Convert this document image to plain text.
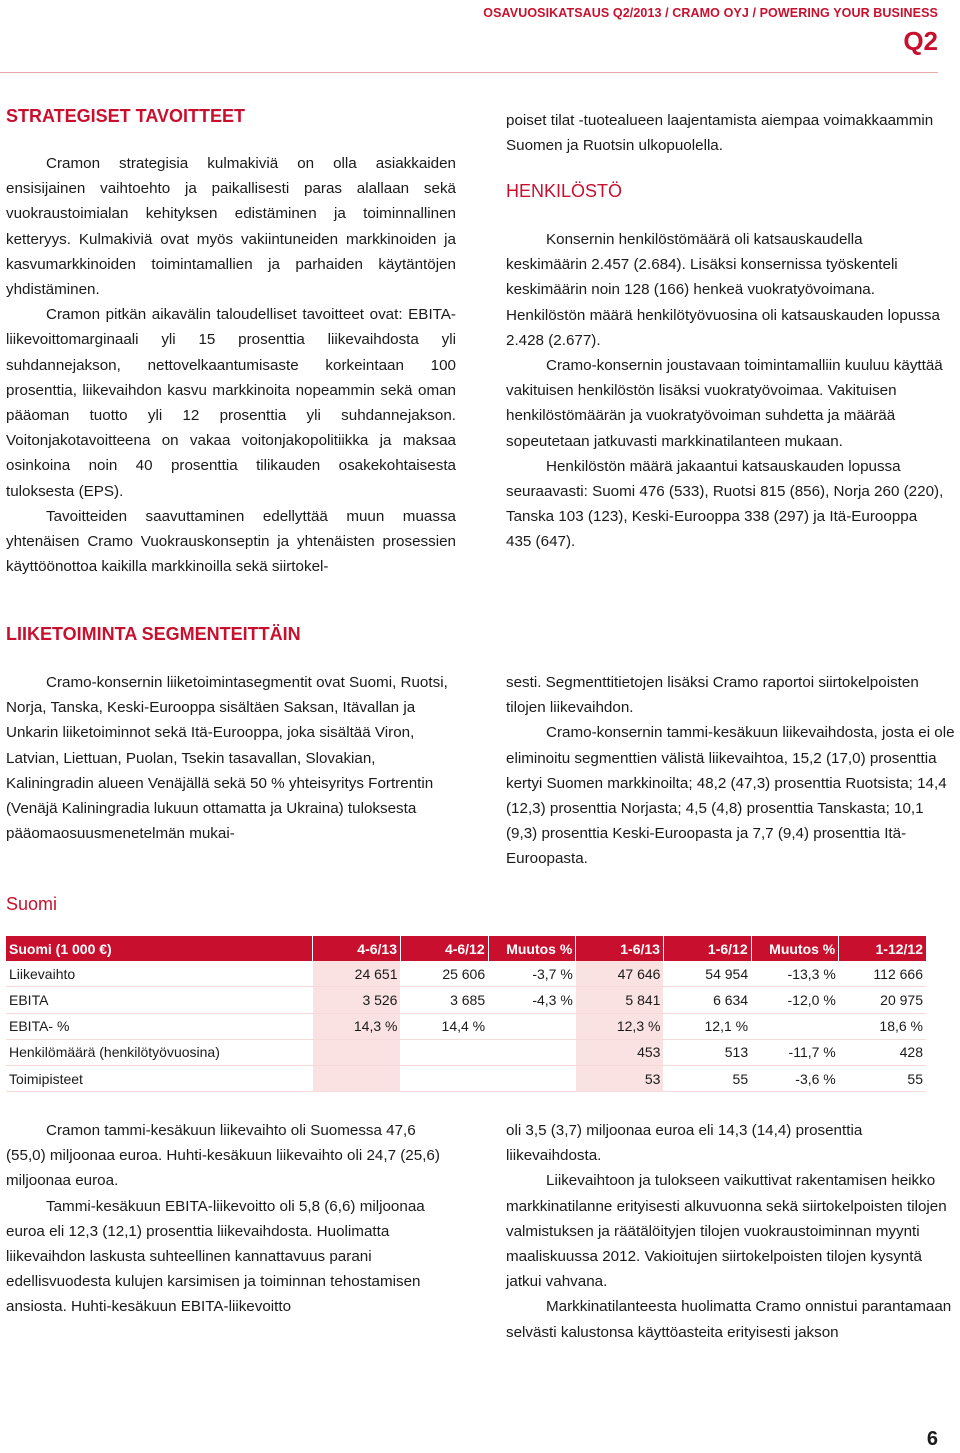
OSAVUOSIKATSAUS Q2/2013 / CRAMO OYJ / POWERING YOUR BUSINESS
Q2
STRATEGISET TAVOITTEET

Cramon strategisia kulmakiviä on olla asiakkaiden ensisijainen vaihtoehto ja paikallisesti paras alallaan sekä vuokraustoimialan kehityksen edistäminen ja toiminnallinen ketteryys. Kulmakiviä ovat myös vakiintuneiden markkinoiden ja kasvumarkkinoiden toimintamallien ja parhaiden käytäntöjen yhdistäminen.

Cramon pitkän aikavälin taloudelliset tavoitteet ovat: EBITA-liikevoittomarginaali yli 15 prosenttia liikevaihdosta yli suhdannejakson, nettovelkaantumisaste korkeintaan 100 prosenttia, liikevaihdon kasvu markkinoita nopeammin sekä oman pääoman tuotto yli 12 prosenttia yli suhdannejakson. Voitonjakotavoitteena on vakaa voitonjakopolitiikka ja maksaa osinkoina noin 40 prosenttia tilikauden osakekohtaisesta tuloksesta (EPS).

Tavoitteiden saavuttaminen edellyttää muun muassa yhtenäisen Cramo Vuokrauskonseptin ja yhtenäisten prosessien käyttöönottoa kaikilla markkinoilla sekä siirtokel-

poiset tilat -tuotealueen laajentamista aiempaa voimakkaammin Suomen ja Ruotsin ulkopuolella.

HENKILÖSTÖ

Konsernin henkilöstömäärä oli katsauskaudella keskimäärin 2.457 (2.684). Lisäksi konsernissa työskenteli keskimäärin noin 128 (166) henkeä vuokratyövoimana. Henkilöstön määrä henkilötyövuosina oli katsauskauden lopussa 2.428 (2.677).

Cramo-konsernin joustavaan toimintamalliin kuuluu käyttää vakituisen henkilöstön lisäksi vuokratyövoimaa. Vakituisen henkilöstömäärän ja vuokratyövoiman suhdetta ja määrää sopeutetaan jatkuvasti markkinatilanteen mukaan.

Henkilöstön määrä jakaantui katsauskauden lopussa seuraavasti: Suomi 476 (533), Ruotsi 815 (856), Norja 260 (220), Tanska 103 (123), Keski-Eurooppa 338 (297) ja Itä-Eurooppa 435 (647).

LIIKETOIMINTA SEGMENTEITTÄIN

Cramo-konsernin liiketoimintasegmentit ovat Suomi, Ruotsi, Norja, Tanska, Keski-Eurooppa sisältäen Saksan, Itävallan ja Unkarin liiketoiminnot sekä Itä-Eurooppa, joka sisältää Viron, Latvian, Liettuan, Puolan, Tsekin tasavallan, Slovakian, Kaliningradin alueen Venäjällä sekä 50 % yhteisyritys Fortrentin (Venäjä Kaliningradia lukuun ottamatta ja Ukraina) tuloksesta pääomaosuusmenetelmän mukai-

sesti. Segmenttitietojen lisäksi Cramo raportoi siirtokelpoisten tilojen liikevaihdon.

Cramo-konsernin tammi-kesäkuun liikevaihdosta, josta ei ole eliminoitu segmenttien välistä liikevaihtoa, 15,2 (17,0) prosenttia kertyi Suomen markkinoilta; 48,2 (47,3) prosenttia Ruotsista; 14,4 (12,3) prosenttia Norjasta; 4,5 (4,8) prosenttia Tanskasta; 10,1 (9,3) prosenttia Keski-Euroopasta ja 7,7 (9,4) prosenttia Itä-Euroopasta.

Suomi
Suomi (1 000 €)	4-6/13	4-6/12	Muutos %	1-6/13	1-6/12	Muutos %	1-12/12
Liikevaihto	24 651	25 606	-3,7 %	47 646	54 954	-13,3 %	112 666
EBITA	3 526	3 685	-4,3 %	5 841	6 634	-12,0 %	20 975
EBITA- %	14,3 %	14,4 %		12,3 %	12,1 %		18,6 %
Henkilömäärä (henkilötyövuosina)				453	513	-11,7 %	428
Toimipisteet				53	55	-3,6 %	55

Cramon tammi-kesäkuun liikevaihto oli Suomessa 47,6 (55,0) miljoonaa euroa. Huhti-kesäkuun liikevaihto oli 24,7 (25,6) miljoonaa euroa.

Tammi-kesäkuun EBITA-liikevoitto oli 5,8 (6,6) miljoonaa euroa eli 12,3 (12,1) prosenttia liikevaihdosta. Huolimatta liikevaihdon laskusta suhteellinen kannattavuus parani edellisvuodesta kulujen karsimisen ja toiminnan tehostamisen ansiosta. Huhti-kesäkuun EBITA-liikevoitto

oli 3,5 (3,7) miljoonaa euroa eli 14,3 (14,4) prosenttia liikevaihdosta.

Liikevaihtoon ja tulokseen vaikuttivat rakentamisen heikko markkinatilanne erityisesti alkuvuonna sekä siirtokelpoisten tilojen valmistuksen ja räätälöityjen tilojen vuokraustoiminnan myynti maaliskuussa 2012. Vakioitujen siirtokelpoisten tilojen kysyntä jatkui vahvana.

Markkinatilanteesta huolimatta Cramo onnistui parantamaan selvästi kalustonsa käyttöasteita erityisesti jakson

6
